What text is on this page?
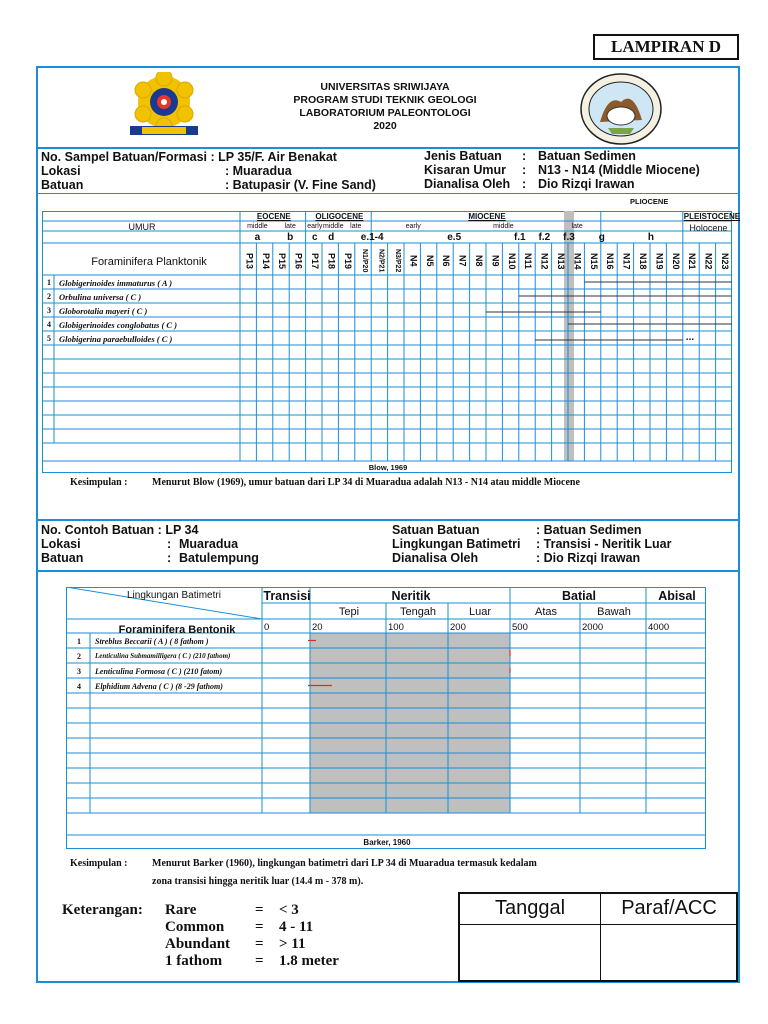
LAMPIRAN D
UNIVERSITAS SRIWIJAYA
PROGRAM STUDI TEKNIK GEOLOGI
LABORATORIUM PALEONTOLOGI
2020
No. Sampel Batuan/Formasi : LP 35/F. Air Benakat
Lokasi	: Muaradua
Batuan	: Batupasir (V. Fine Sand)
Jenis Batuan : Batuan Sedimen
Kisaran Umur : N13 - N14 (Middle Miocene)
Dianalisa Oleh : Dio Rizqi Irawan
PLIOCENE
UMUR
EOCENE	OLIGOCENE	MIOCENE	PLEISTOCENE
Holocene
middle	late	early middle late	early	middle	late
a	b	c	d	e.1-4	e.5	f.1	f.2	f.3	g	h
Foraminifera Planktonik	P13 P14 P15 P16 P17 P18 P19	N1/P20	N2/P21	N3/P22 N4 N5 N6 N7 N8 N9 N10 N11 N12 N13 N14 N15 N16 N17 N18 N19 N20 N21 N22 N23
1 Globigerinoides immaturus ( A )
2 Orbulina universa ( C )
3 Globorotalia mayeri ( C )
4 Globigerinoides conglobatus ( C )
5 Globigerina paraebulloides ( C )	...
Blow, 1969
Kesimpulan : Menurut Blow (1969), umur batuan dari LP 34 di Muaradua adalah N13 - N14 atau middle Miocene
No. Contoh Batuan : LP 34
Lokasi	: Muaradua
Batuan	: Batulempung
Satuan Batuan	: Batuan Sedimen
Lingkungan Batimetri : Transisi - Neritik Luar
Dianalisa Oleh	: Dio Rizqi Irawan
Lingkungan Batimetri
Foraminifera Bentonik
Transisi	Neritik	Batial	Abisal
Tepi	Tengah	Luar	Atas	Bawah
0	20	100	200	500	2000	4000
1	Streblus Beccarii ( A ) ( 8 fathom )
2	Lenticulina Submamilligera ( C ) (210 fathom)
3	Lenticulina Formosa ( C ) (210 fatom)
4	Elphidium Advena ( C ) (8 -29 fathom)
Barker, 1960
Kesimpulan : Menurut Barker (1960), lingkungan batimetri dari LP 34 di Muaradua termasuk kedalam
zona transisi hingga neritik luar (14.4 m - 378 m).
Keterangan: Rare	= < 3
Common = 4 - 11
Abundant = > 11
1 fathom = 1.8 meter
Tanggal	Paraf/ACC
